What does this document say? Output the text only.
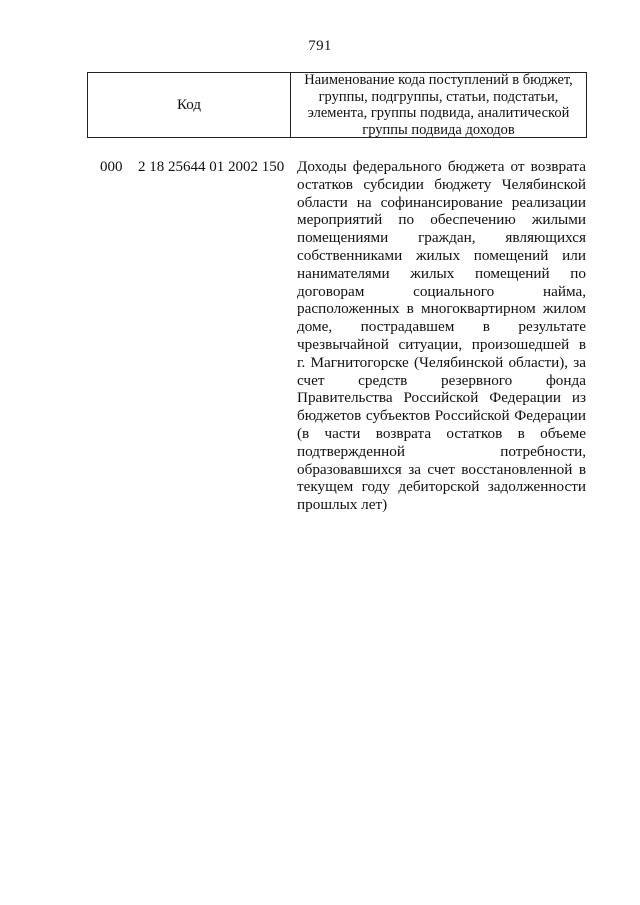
791
Код
Наименование кода поступлений в бюджет, группы, подгруппы, статьи, подстатьи, элемента, группы подвида, аналитической группы подвида доходов
000 2 18 25644 01 2002 150 Доходы федерального бюджета от возврата
остатков субсидии бюджету Челябинской
области на софинансирование реализации
мероприятий по обеспечению жилыми
помещениями граждан, являющихся
собственниками жилых помещений или
нанимателями жилых помещений по
договорам социального найма,
расположенных в многоквартирном жилом
доме, пострадавшем в результате
чрезвычайной ситуации, произошедшей в
г. Магнитогорске (Челябинской области), за
счет средств резервного фонда
Правительства Российской Федерации из
бюджетов субъектов Российской Федерации
(в части возврата остатков в объеме
подтвержденной потребности,
образовавшихся за счет восстановленной в
текущем году дебиторской задолженности
прошлых лет)
